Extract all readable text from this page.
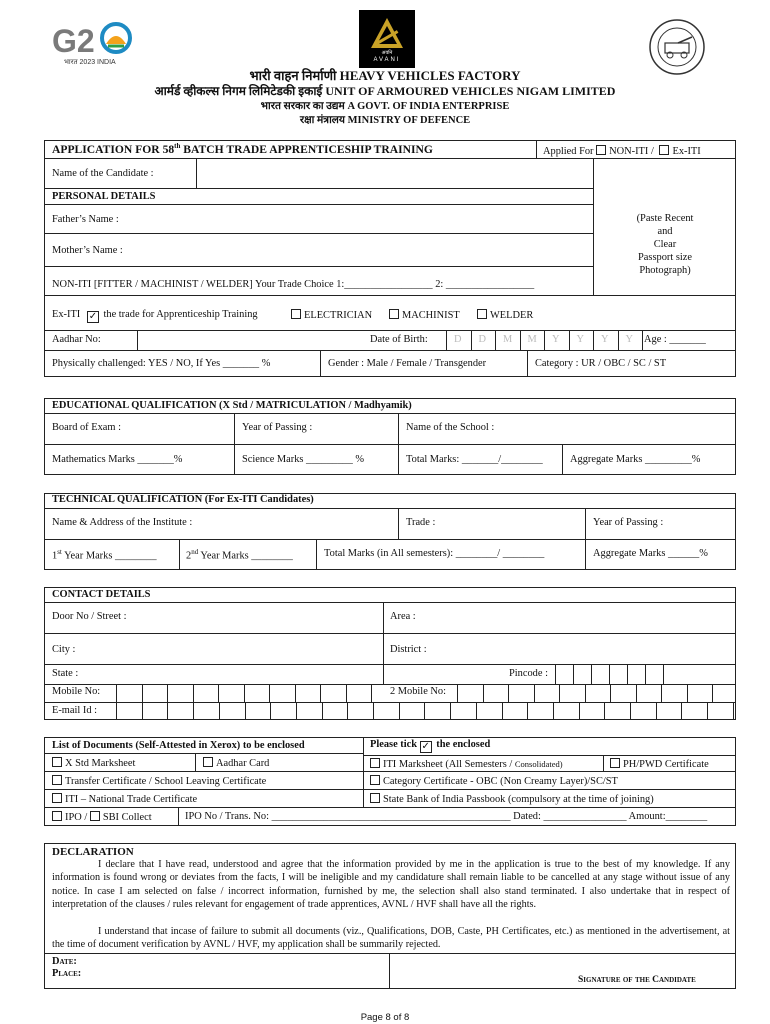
G2
भारत 2023 INDIA
अवनि
AVANI
भारी वाहन निर्माणी HEAVY VEHICLES FACTORY
आर्मर्ड व्हीकल्स निगम लिमिटेडकी इकाई UNIT OF ARMOURED VEHICLES NIGAM LIMITED
भारत सरकार का उद्यम A GOVT. OF INDIA ENTERPRISE
रक्षा मंत्रालय MINISTRY OF DEFENCE
APPLICATION FOR 58th BATCH TRADE APPRENTICESHIP TRAINING	Applied For NON-ITI / Ex-ITI
Name of the Candidate :
PERSONAL DETAILS
Father’s Name :
Mother’s Name :
(Paste Recent
and
Clear
Passport size
Photograph)
NON-ITI [FITTER / MACHINIST / WELDER] Your Trade Choice 1:_________________ 2: _________________
Ex-ITI ✓ the trade for Apprenticeship Training	ELECTRICIAN	MACHINIST	WELDER
Aadhar No:	Date of Birth:	D D M M Y Y Y Y Age : _______
Physically challenged: YES / NO, If Yes _______ %	Gender : Male / Female / Transgender	Category : UR / OBC / SC / ST
EDUCATIONAL QUALIFICATION (X Std / MATRICULATION / Madhyamik)
Board of Exam :	Year of Passing :	Name of the School :
Mathematics Marks _______%	Science Marks _________ %	Total Marks: _______/________	Aggregate Marks _________%
TECHNICAL QUALIFICATION (For Ex-ITI Candidates)
Name & Address of the Institute :	Trade :	Year of Passing :
1st Year Marks ________	2nd Year Marks ________	Total Marks (in All semesters): ________/ ________	Aggregate Marks ______%
CONTACT DETAILS
Door No / Street :	Area :
City :	District :
State :	Pincode :
Mobile No:	2 Mobile No:
E-mail Id :
List of Documents (Self-Attested in Xerox) to be enclosed	Please tick ✓ the enclosed
X Std Marksheet	Aadhar Card	ITI Marksheet (All Semesters / Consolidated)	PH/PWD Certificate
Transfer Certificate / School Leaving Certificate	Category Certificate - OBC (Non Creamy Layer)/SC/ST
ITI – National Trade Certificate	State Bank of India Passbook (compulsory at the time of joining)
IPO / SBI Collect	IPO No / Trans. No: ______________________________________________ Dated: ________________ Amount:________
DECLARATION
I declare that I have read, understood and agree that the information provided by me in the application is true to the best of my knowledge. If any information is found wrong or deviates from the facts, I will be ineligible and my candidature shall remain liable to be cancelled at any stage without issue of any notice. In case I am selected on false / incorrect information, furnished by me, the selection shall also stand terminated. I also undertake that in respect of interpretation of the clauses / rules relevant for engagement of trade apprentices, AVNL / HVF shall have all the rights.
I understand that incase of failure to submit all documents (viz., Qualifications, DOB, Caste, PH Certificates, etc.) as mentioned in the advertisement, at the time of document verification by AVNL / HVF, my application shall be summarily rejected.
Date:
Place:
Signature of the Candidate
Page 8 of 8
